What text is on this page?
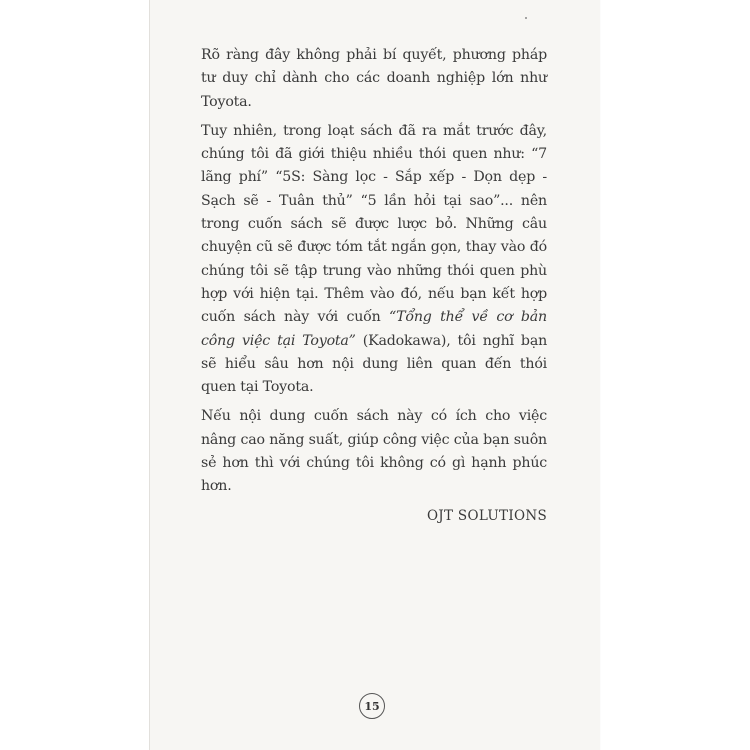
Rõ ràng đây không phải bí quyết, phương pháp tư duy chỉ dành cho các doanh nghiệp lớn như Toyota.

Tuy nhiên, trong loạt sách đã ra mắt trước đây, chúng tôi đã giới thiệu nhiều thói quen như: “7 lãng phí” “5S: Sàng lọc - Sắp xếp - Dọn dẹp - Sạch sẽ - Tuân thủ” “5 lần hỏi tại sao”... nên trong cuốn sách sẽ được lược bỏ. Những câu chuyện cũ sẽ được tóm tắt ngắn gọn, thay vào đó chúng tôi sẽ tập trung vào những thói quen phù hợp với hiện tại. Thêm vào đó, nếu bạn kết hợp cuốn sách này với cuốn “Tổng thể về cơ bản công việc tại Toyota” (Kadokawa), tôi nghĩ bạn sẽ hiểu sâu hơn nội dung liên quan đến thói quen tại Toyota.

Nếu nội dung cuốn sách này có ích cho việc nâng cao năng suất, giúp công việc của bạn suôn sẻ hơn thì với chúng tôi không có gì hạnh phúc hơn.

OJT SOLUTIONS
15
